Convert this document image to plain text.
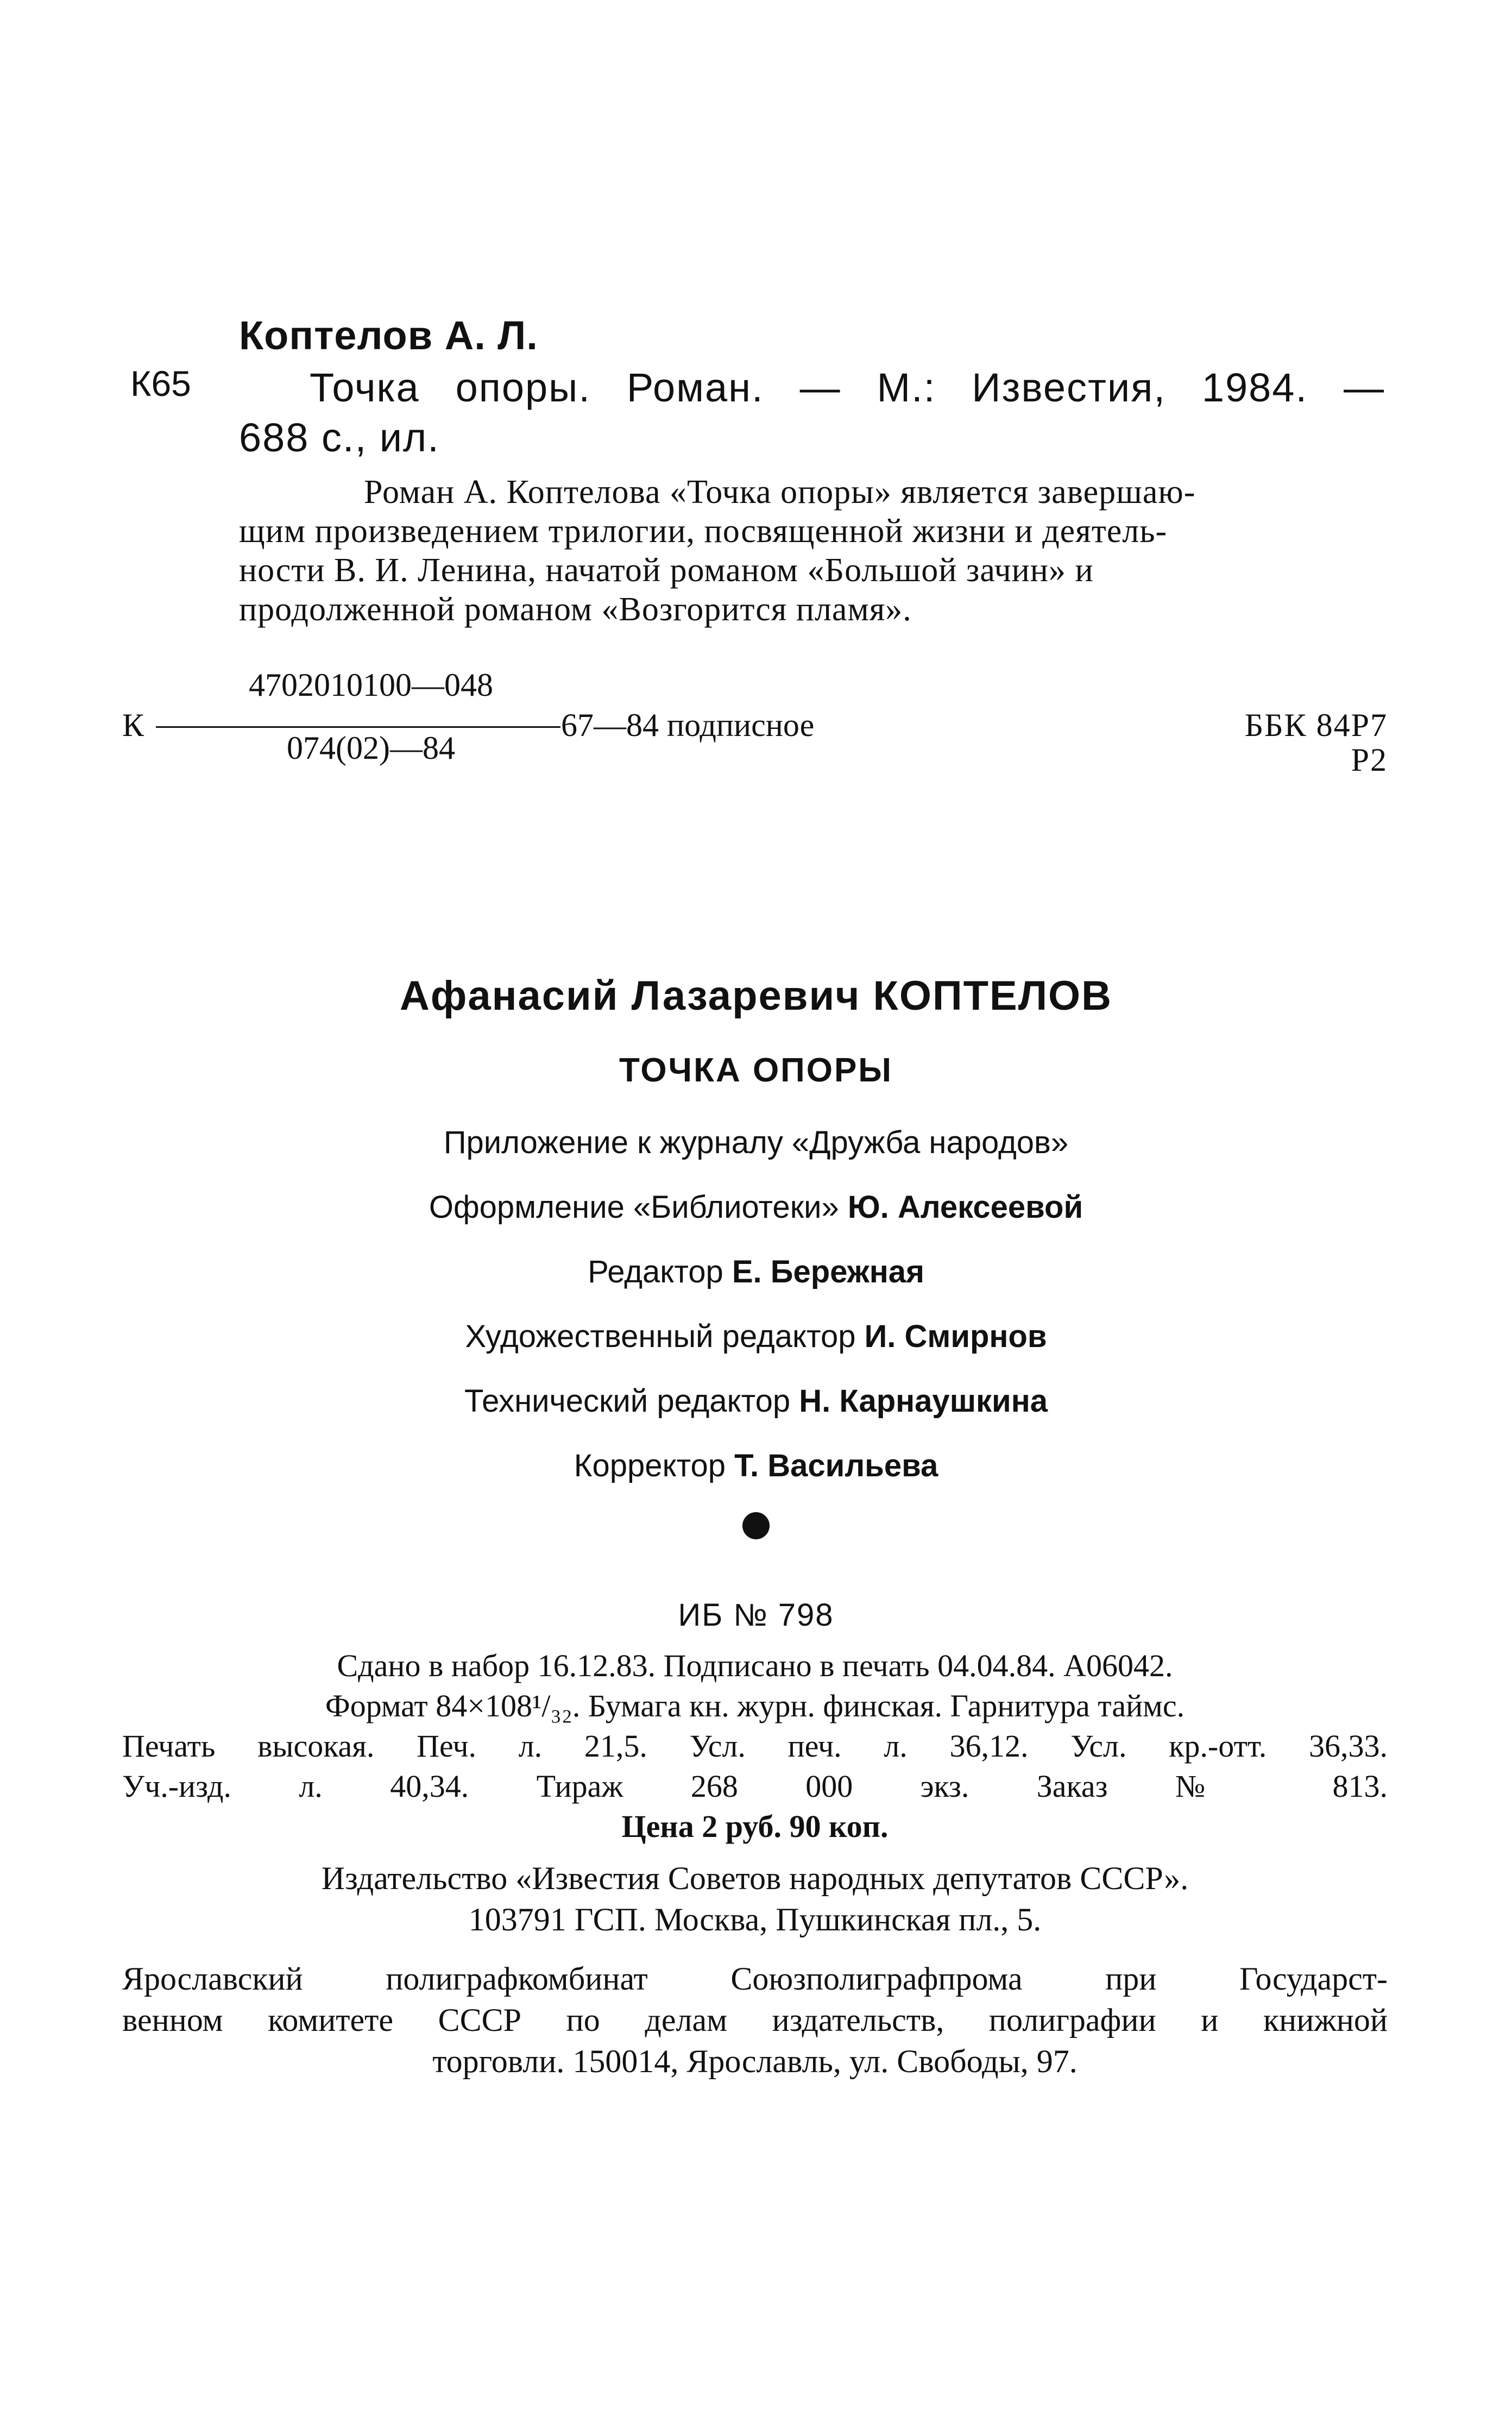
Коптелов А. Л.
К65	Точка опоры. Роман. — М.: Известия, 1984. —
688 с., ил.

Роман А. Коптелова «Точка опоры» является завершаю-

щим произведением трилогии, посвященной жизни и деятель-

ности В. И. Ленина, начатой романом «Большой зачин» и

продолженной романом «Возгорится пламя».

К
4702010100—048
074(02)—84
67—84 подписное	ББК 84Р7
Р2
Афанасий Лазаревич КОПТЕЛОВ
ТОЧКА ОПОРЫ
Приложение к журналу «Дружба народов»
Оформление «Библиотеки» Ю. Алексеевой
Редактор Е. Бережная
Художественный редактор И. Смирнов
Технический редактор Н. Карнаушкина
Корректор Т. Васильева
ИБ № 798
Сдано в набор 16.12.83. Подписано в печать 04.04.84. А06042.
Формат 84×108¹/₃₂. Бумага кн. журн. финская. Гарнитура таймс.
Печать высокая. Печ. л. 21,5. Усл. печ. л. 36,12. Усл. кр.-отт. 36,33.
Уч.-изд. л. 40,34. Тираж 268 000 экз. Заказ № 813.
Цена 2 руб. 90 коп.
Издательство «Известия Советов народных депутатов СССР».
103791 ГСП. Москва, Пушкинская пл., 5.
Ярославский полиграфкомбинат Союзполиграфпрома при Государст-
венном комитете СССР по делам издательств, полиграфии и книжной
торговли. 150014, Ярославль, ул. Свободы, 97.
